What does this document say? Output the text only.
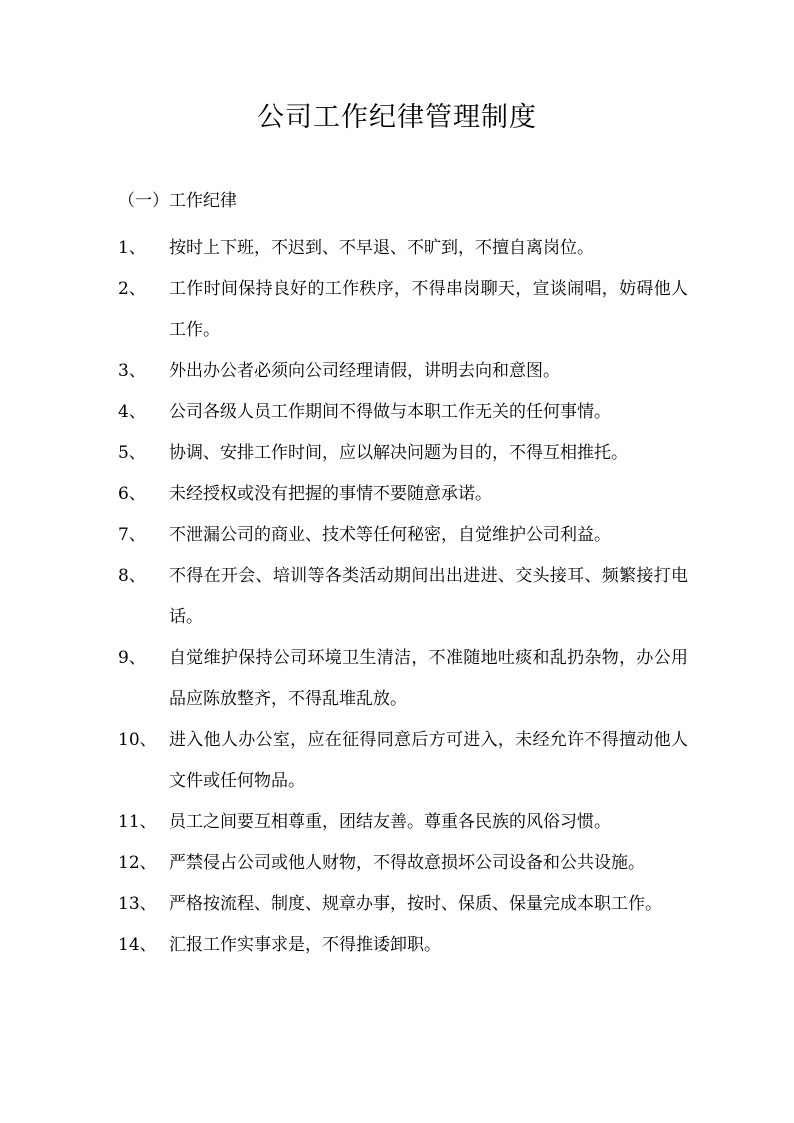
公司工作纪律管理制度
（一）工作纪律
1、	按时上下班，不迟到、不早退、不旷到，不擅自离岗位。
2、	工作时间保持良好的工作秩序，不得串岗聊天，宣谈闹唱，妨碍他人工作。
3、	外出办公者必须向公司经理请假，讲明去向和意图。
4、	公司各级人员工作期间不得做与本职工作无关的任何事情。
5、	协调、安排工作时间，应以解决问题为目的，不得互相推托。
6、	未经授权或没有把握的事情不要随意承诺。
7、	不泄漏公司的商业、技术等任何秘密，自觉维护公司利益。
8、	不得在开会、培训等各类活动期间出出进进、交头接耳、频繁接打电话。
9、	自觉维护保持公司环境卫生清洁，不准随地吐痰和乱扔杂物，办公用品应陈放整齐，不得乱堆乱放。
10、 进入他人办公室，应在征得同意后方可进入，未经允许不得擅动他人文件或任何物品。
11、 员工之间要互相尊重，团结友善。尊重各民族的风俗习惯。
12、 严禁侵占公司或他人财物，不得故意损坏公司设备和公共设施。
13、 严格按流程、制度、规章办事，按时、保质、保量完成本职工作。
14、 汇报工作实事求是，不得推诿卸职。
